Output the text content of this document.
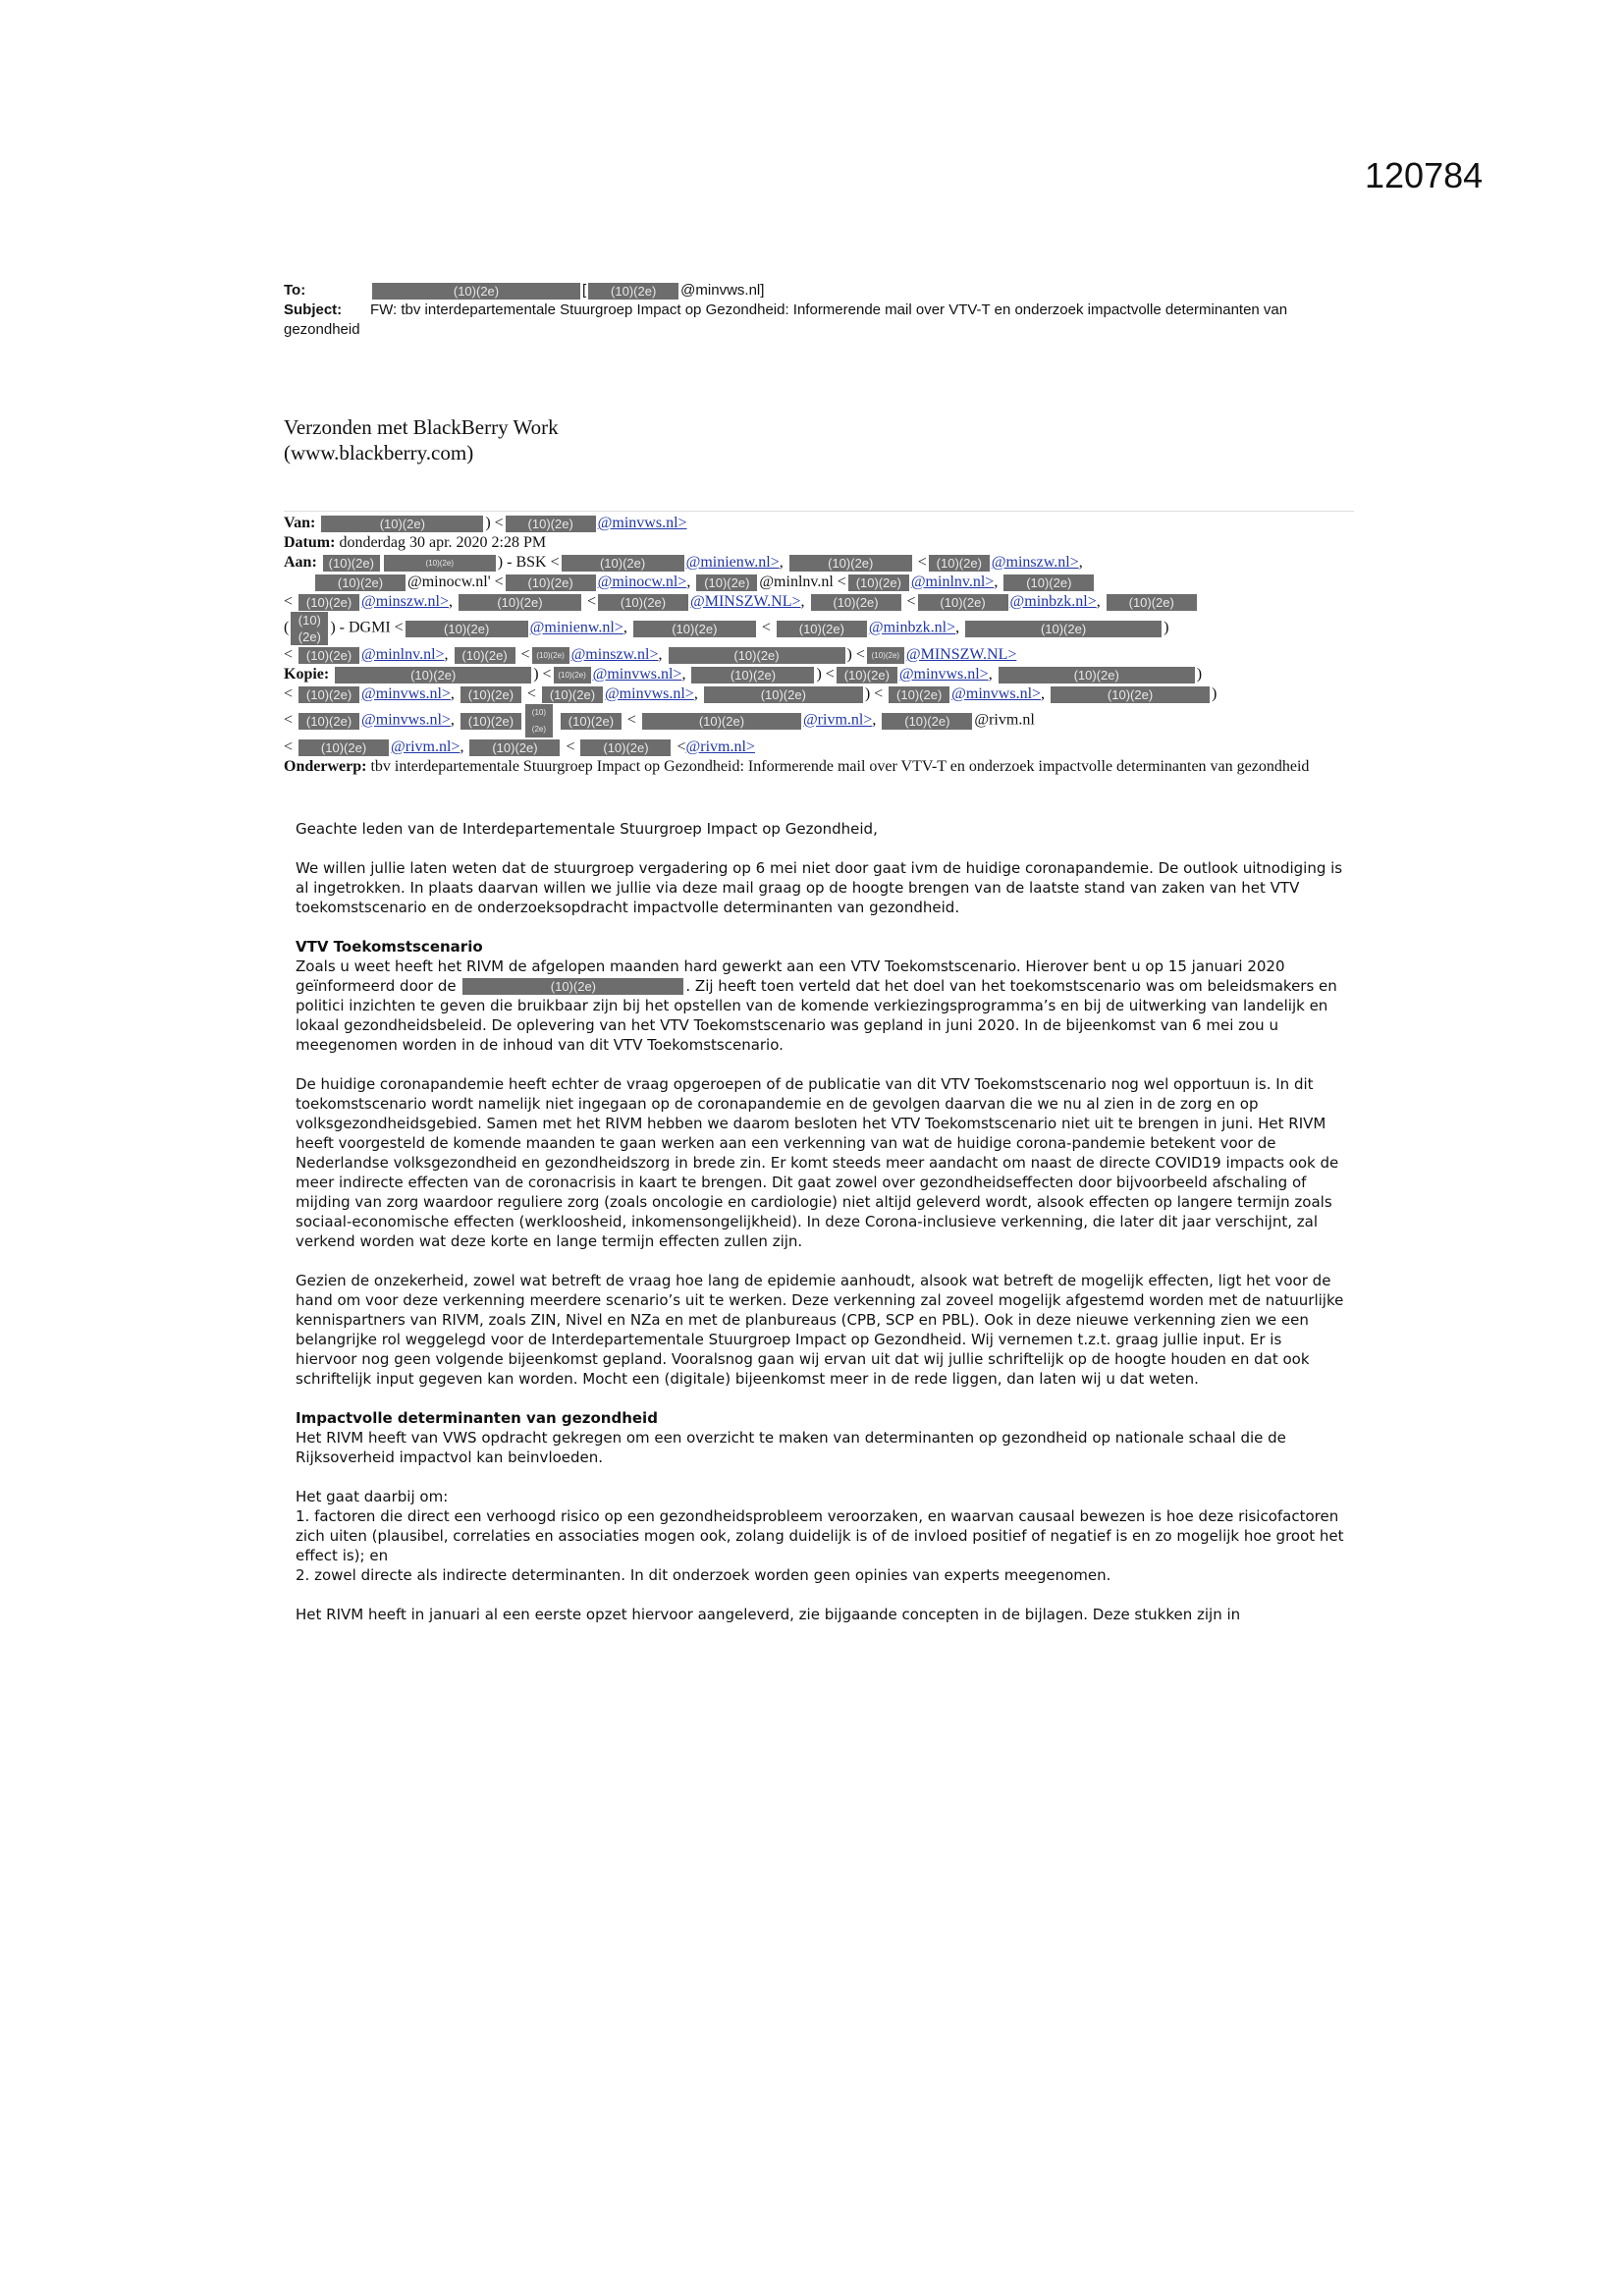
120784
To:	(10)(2e)	[ (10)(2e) @minvws.nl]
Subject:	FW: tbv interdepartementale Stuurgroep Impact op Gezondheid: Informerende mail over VTV-T en onderzoek impactvolle determinanten van gezondheid
Verzonden met BlackBerry Work
(www.blackberry.com)
Van:	(10)(2e)	) < (10)(2e) @minvws.nl>
Datum: donderdag 30 apr. 2020 2:28 PM
Aan: (10)(2e)	(10)(2e)	) - BSK <	(10)(2e)	@minienw.nl>,	(10)(2e)	< (10)(2e) @minszw.nl>,
(10)(2e) @minocw.nl' < (10)(2e) @minocw.nl>, (10)(2e) @minlnv.nl < (10)(2e) @minlnv.nl>, (10)(2e)
< (10)(2e) @minszw.nl>,	(10)(2e)	< (10)(2e) @MINSZW.NL>, (10)(2e) < (10)(2e) @minbzk.nl>, (10)(2e)
( (10)(2e)) - DGMI <	(10)(2e)	@minienw.nl>,	(10)(2e)	< (10)(2e) @minbzk.nl>,	(10)(2e)	)
< (10)(2e) @minlnv.nl>, (10)(2e) < (10)(2e) @minszw.nl>,	(10)(2e)	) < (10)(2e) @MINSZW.NL>
Kopie:	(10)(2e)	) < (10)(2e) @minvws.nl>,	(10)(2e)	) < (10)(2e) @minvws.nl>,	(10)(2e)	)
< (10)(2e) @minvws.nl>, (10)(2e) < (10)(2e) @minvws.nl>,	(10)(2e)	) < (10)(2e) @minvws.nl>,	(10)(2e)	)
< (10)(2e) @minvws.nl>, (10)(2e)(10)(2e) (10)(2e) <	(10)(2e)	@rivm.nl>, (10)(2e) @rivm.nl
< (10)(2e) @rivm.nl>, (10)(2e) < (10)(2e) <@rivm.nl>
Onderwerp: tbv interdepartementale Stuurgroep Impact op Gezondheid: Informerende mail over VTV-T en onderzoek impactvolle determinanten van gezondheid

Geachte leden van de Interdepartementale Stuurgroep Impact op Gezondheid,

We willen jullie laten weten dat de stuurgroep vergadering op 6 mei niet door gaat ivm de huidige coronapandemie. De outlook uitnodiging is al ingetrokken. In plaats daarvan willen we jullie via deze mail graag op de hoogte brengen van de laatste stand van zaken van het VTV toekomstscenario en de onderzoeksopdracht impactvolle determinanten van gezondheid.

VTV Toekomstscenario

Zoals u weet heeft het RIVM de afgelopen maanden hard gewerkt aan een VTV Toekomstscenario. Hierover bent u op 15 januari 2020 geïnformeerd door de	(10)(2e)	. Zij heeft toen verteld dat het doel van het toekomstscenario was om beleidsmakers en politici inzichten te geven die bruikbaar zijn bij het opstellen van de komende verkiezingsprogramma’s en bij de uitwerking van landelijk en lokaal gezondheidsbeleid. De oplevering van het VTV Toekomstscenario was gepland in juni 2020. In de bijeenkomst van 6 mei zou u meegenomen worden in de inhoud van dit VTV Toekomstscenario.

De huidige coronapandemie heeft echter de vraag opgeroepen of de publicatie van dit VTV Toekomstscenario nog wel opportuun is. In dit toekomstscenario wordt namelijk niet ingegaan op de coronapandemie en de gevolgen daarvan die we nu al zien in de zorg en op volksgezondheidsgebied. Samen met het RIVM hebben we daarom besloten het VTV Toekomstscenario niet uit te brengen in juni. Het RIVM heeft voorgesteld de komende maanden te gaan werken aan een verkenning van wat de huidige corona-pandemie betekent voor de Nederlandse volksgezondheid en gezondheidszorg in brede zin. Er komt steeds meer aandacht om naast de directe COVID19 impacts ook de meer indirecte effecten van de coronacrisis in kaart te brengen. Dit gaat zowel over gezondheidseffecten door bijvoorbeeld afschaling of mijding van zorg waardoor reguliere zorg (zoals oncologie en cardiologie) niet altijd geleverd wordt, alsook effecten op langere termijn zoals sociaal-economische effecten (werkloosheid, inkomensongelijkheid). In deze Corona-inclusieve verkenning, die later dit jaar verschijnt, zal verkend worden wat deze korte en lange termijn effecten zullen zijn.

Gezien de onzekerheid, zowel wat betreft de vraag hoe lang de epidemie aanhoudt, alsook wat betreft de mogelijk effecten, ligt het voor de hand om voor deze verkenning meerdere scenario’s uit te werken. Deze verkenning zal zoveel mogelijk afgestemd worden met de natuurlijke kennispartners van RIVM, zoals ZIN, Nivel en NZa en met de planbureaus (CPB, SCP en PBL). Ook in deze nieuwe verkenning zien we een belangrijke rol weggelegd voor de Interdepartementale Stuurgroep Impact op Gezondheid. Wij vernemen t.z.t. graag jullie input. Er is hiervoor nog geen volgende bijeenkomst gepland. Vooralsnog gaan wij ervan uit dat wij jullie schriftelijk op de hoogte houden en dat ook schriftelijk input gegeven kan worden. Mocht een (digitale) bijeenkomst meer in de rede liggen, dan laten wij u dat weten.

Impactvolle determinanten van gezondheid

Het RIVM heeft van VWS opdracht gekregen om een overzicht te maken van determinanten op gezondheid op nationale schaal die de Rijksoverheid impactvol kan beinvloeden.

Het gaat daarbij om:
1. factoren die direct een verhoogd risico op een gezondheidsprobleem veroorzaken, en waarvan causaal bewezen is hoe deze risicofactoren zich uiten (plausibel, correlaties en associaties mogen ook, zolang duidelijk is of de invloed positief of negatief is en zo mogelijk hoe groot het effect is); en

2. zowel directe als indirecte determinanten. In dit onderzoek worden geen opinies van experts meegenomen.

Het RIVM heeft in januari al een eerste opzet hiervoor aangeleverd, zie bijgaande concepten in de bijlagen. Deze stukken zijn in
